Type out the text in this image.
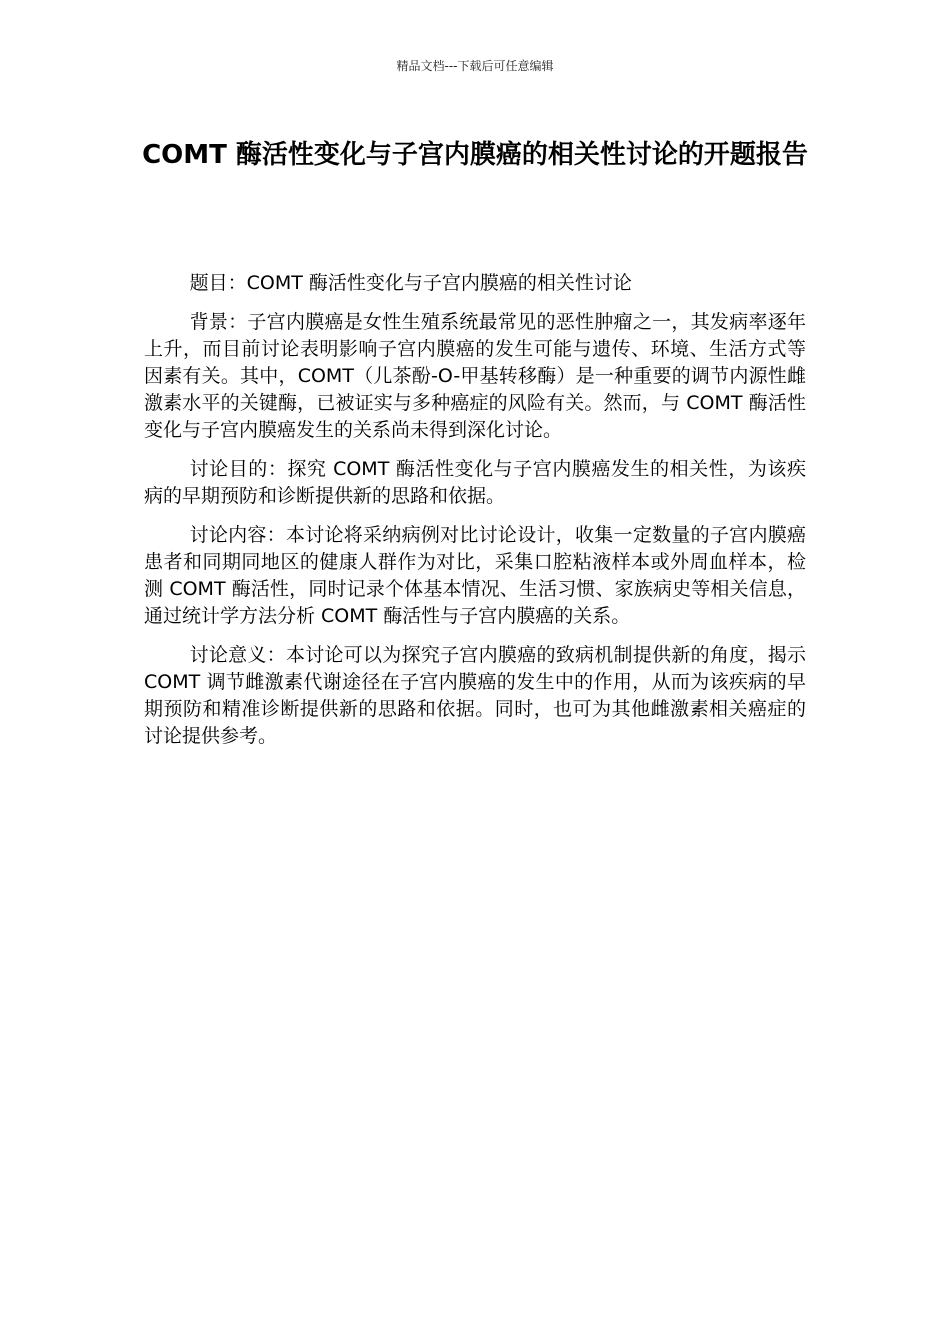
精品文档---下载后可任意编辑
COMT 酶活性变化与子宫内膜癌的相关性讨论的开题报告

题目：COMT 酶活性变化与子宫内膜癌的相关性讨论

背景：子宫内膜癌是女性生殖系统最常见的恶性肿瘤之一，其发病率逐年上升，而目前讨论表明影响子宫内膜癌的发生可能与遗传、环境、生活方式等因素有关。其中，COMT（儿茶酚-O-甲基转移酶）是一种重要的调节内源性雌激素水平的关键酶，已被证实与多种癌症的风险有关。然而，与 COMT 酶活性变化与子宫内膜癌发生的关系尚未得到深化讨论。

讨论目的：探究 COMT 酶活性变化与子宫内膜癌发生的相关性，为该疾病的早期预防和诊断提供新的思路和依据。

讨论内容：本讨论将采纳病例对比讨论设计，收集一定数量的子宫内膜癌患者和同期同地区的健康人群作为对比，采集口腔粘液样本或外周血样本，检测 COMT 酶活性，同时记录个体基本情况、生活习惯、家族病史等相关信息，通过统计学方法分析 COMT 酶活性与子宫内膜癌的关系。

讨论意义：本讨论可以为探究子宫内膜癌的致病机制提供新的角度，揭示 COMT 调节雌激素代谢途径在子宫内膜癌的发生中的作用，从而为该疾病的早期预防和精准诊断提供新的思路和依据。同时，也可为其他雌激素相关癌症的讨论提供参考。
